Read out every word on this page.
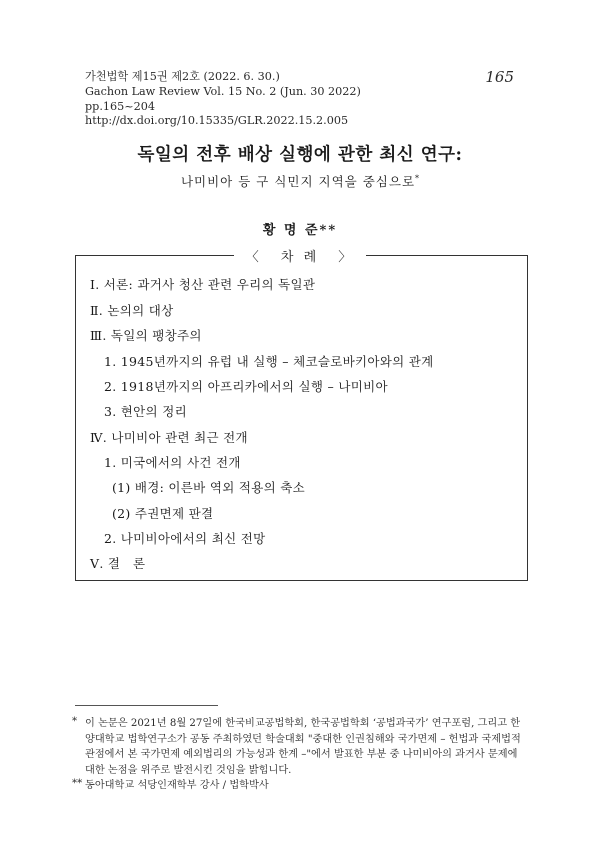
가천법학 제15권 제2호 (2022. 6. 30.)
Gachon Law Review Vol. 15 No. 2 (Jun. 30 2022)
pp.165~204
http://dx.doi.org/10.15335/GLR.2022.15.2.005
165
독일의 전후 배상 실행에 관한 최신 연구:
나미비아 등 구 식민지 지역을 중심으로*
황 명 준**
〈 차 례 〉
Ⅰ. 서론: 과거사 청산 관련 우리의 독일관
Ⅱ. 논의의 대상
Ⅲ. 독일의 팽창주의
1. 1945년까지의 유럽 내 실행 – 체코슬로바키아와의 관계
2. 1918년까지의 아프리카에서의 실행 – 나미비아
3. 현안의 정리
Ⅳ. 나미비아 관련 최근 전개
1. 미국에서의 사건 전개
(1) 배경: 이른바 역외 적용의 축소
(2) 주권면제 판결
2. 나미비아에서의 최신 전망
Ⅴ. 결　론
* 이 논문은 2021년 8월 27일에 한국비교공법학회, 한국공법학회 ‘공법과국가’ 연구포럼, 그리고 한
양대학교 법학연구소가 공동 주최하였던 학술대회 "중대한 인권침해와 국가면제 – 헌법과 국제법적
관점에서 본 국가면제 예외법리의 가능성과 한계 –"에서 발표한 부분 중 나미비아의 과거사 문제에
대한 논점을 위주로 발전시킨 것임을 밝힙니다.
** 동아대학교 석당인재학부 강사 / 법학박사
